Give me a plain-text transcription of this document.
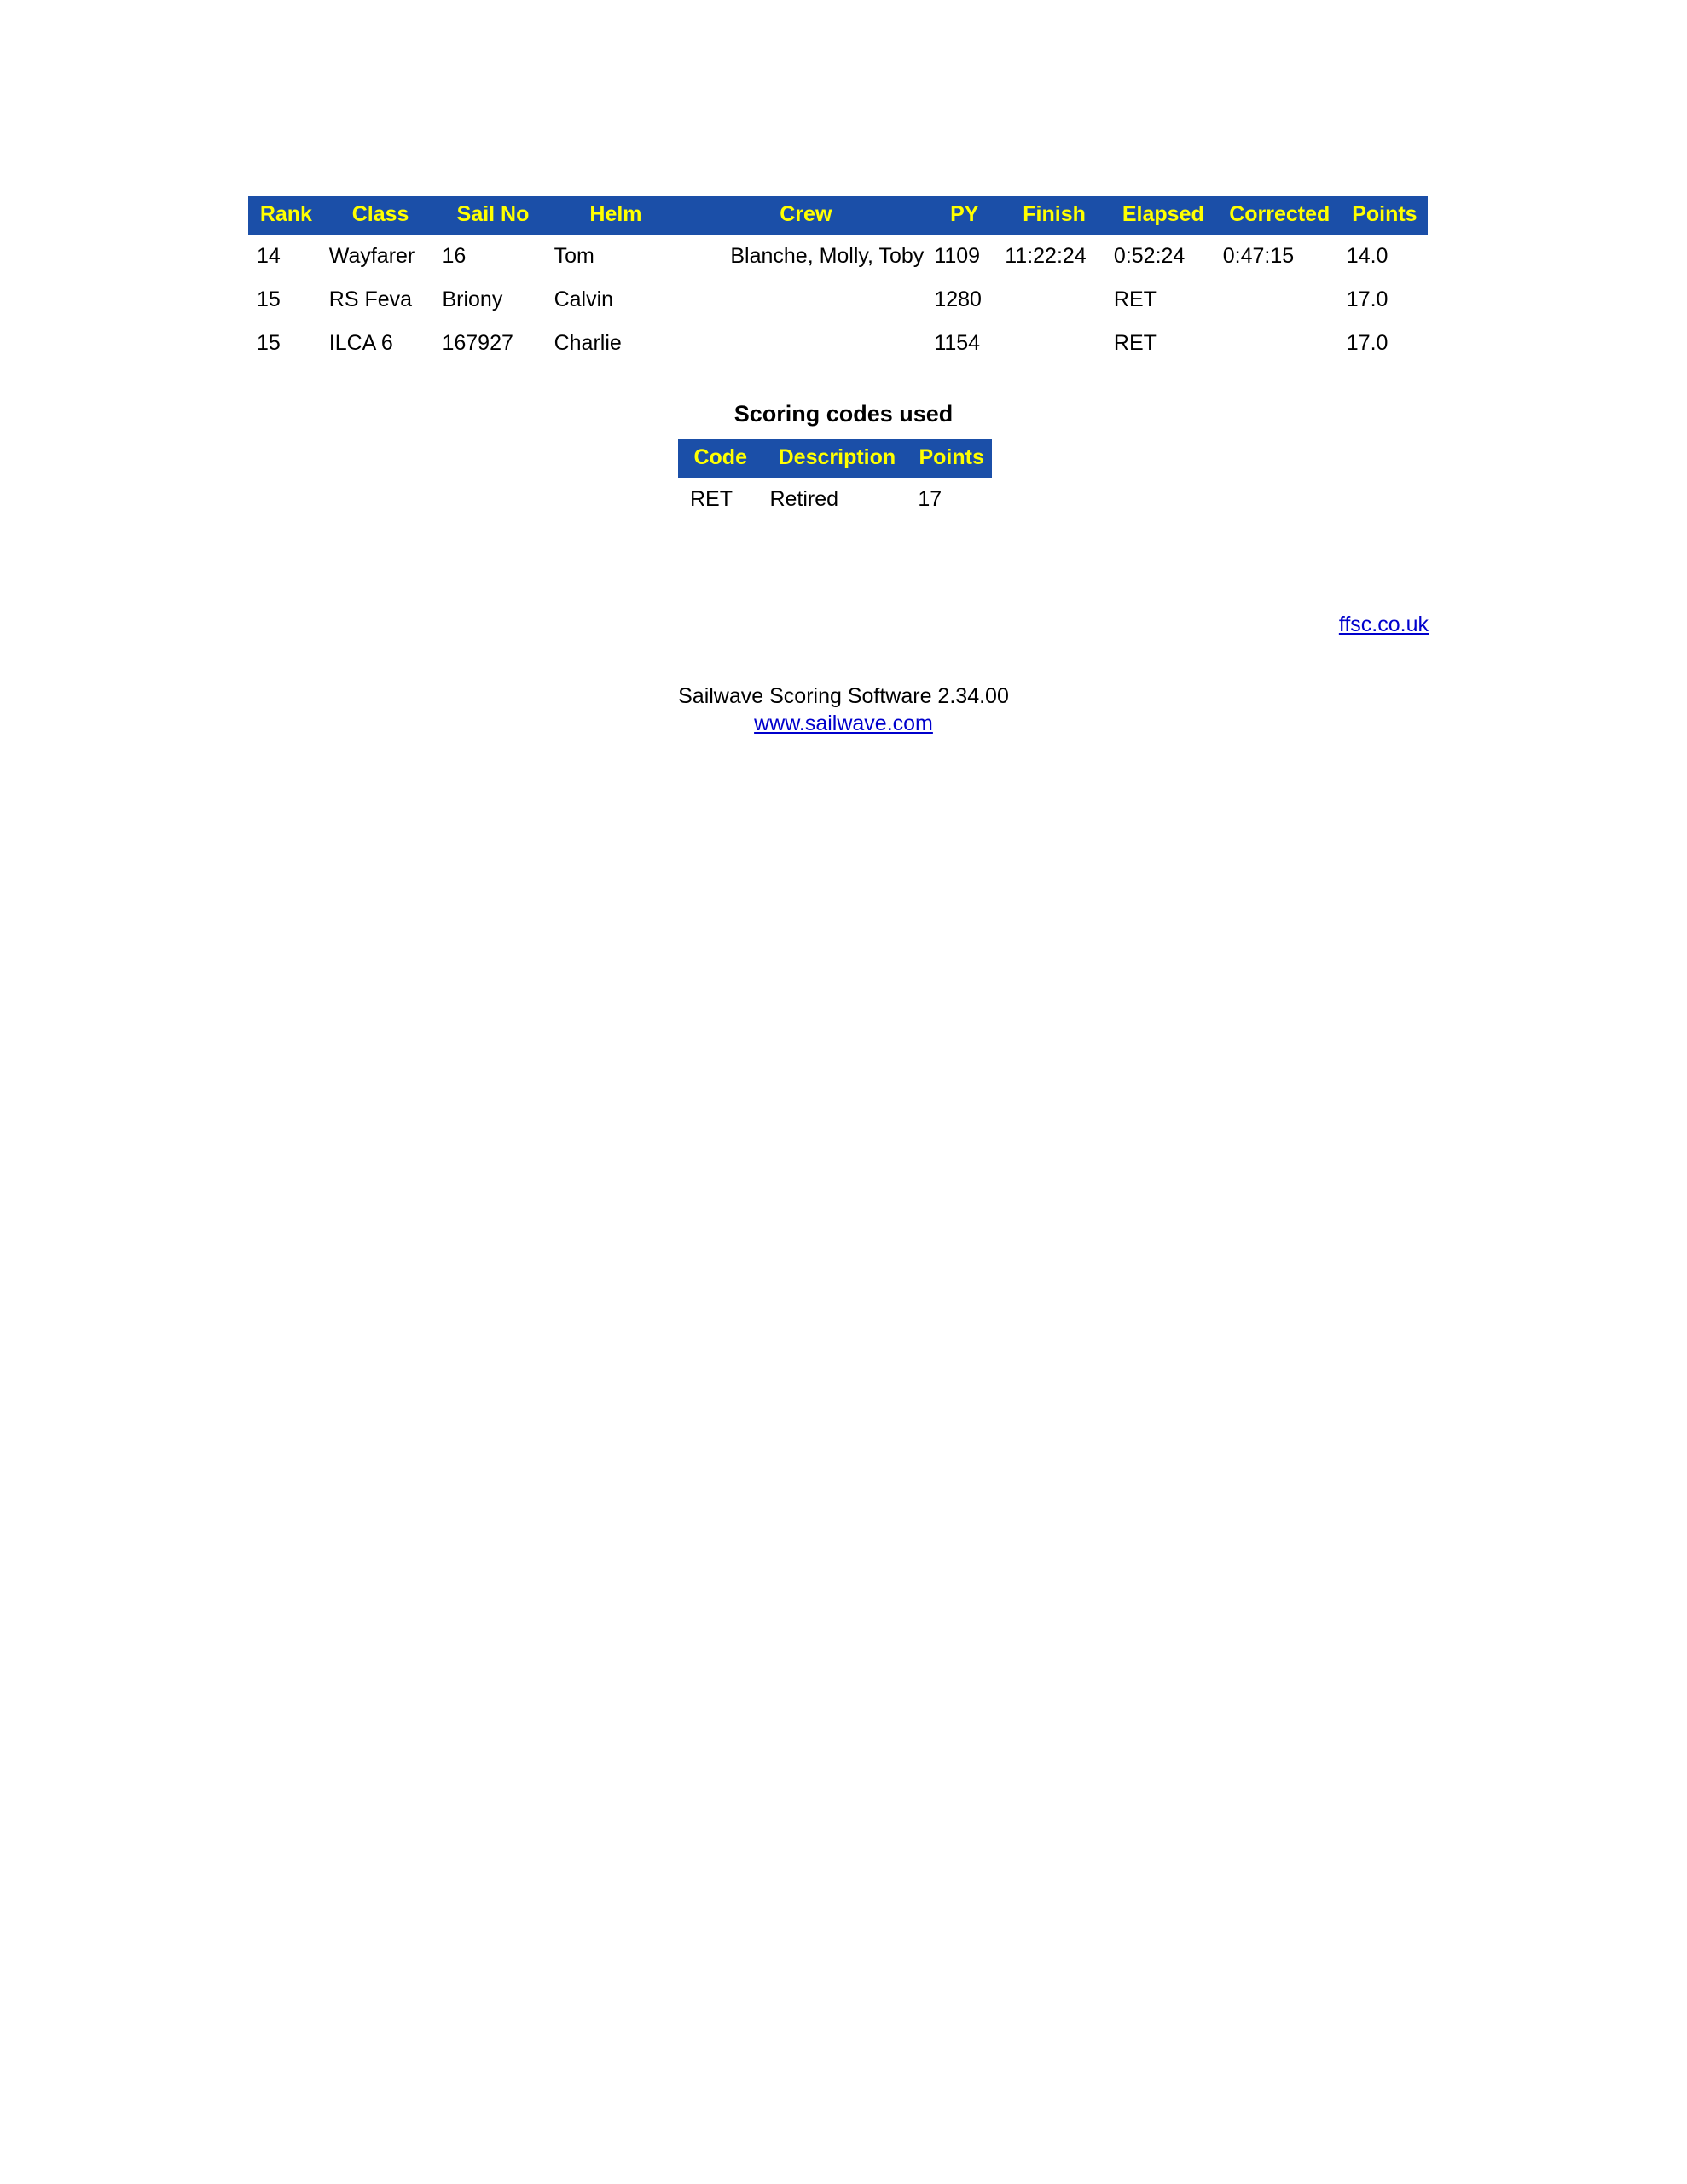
Rank	Class	Sail No	Helm	Crew	PY	Finish	Elapsed	Corrected	Points
14	Wayfarer	16	Tom	Blanche, Molly, Toby	1109	11:22:24	0:52:24	0:47:15	14.0
15	RS Feva	Briony	Calvin		1280		RET		17.0
15	ILCA 6	167927	Charlie		1154		RET		17.0
Scoring codes used
Code	Description	Points
RET	Retired	17
ffsc.co.uk
Sailwave Scoring Software 2.34.00
www.sailwave.com
